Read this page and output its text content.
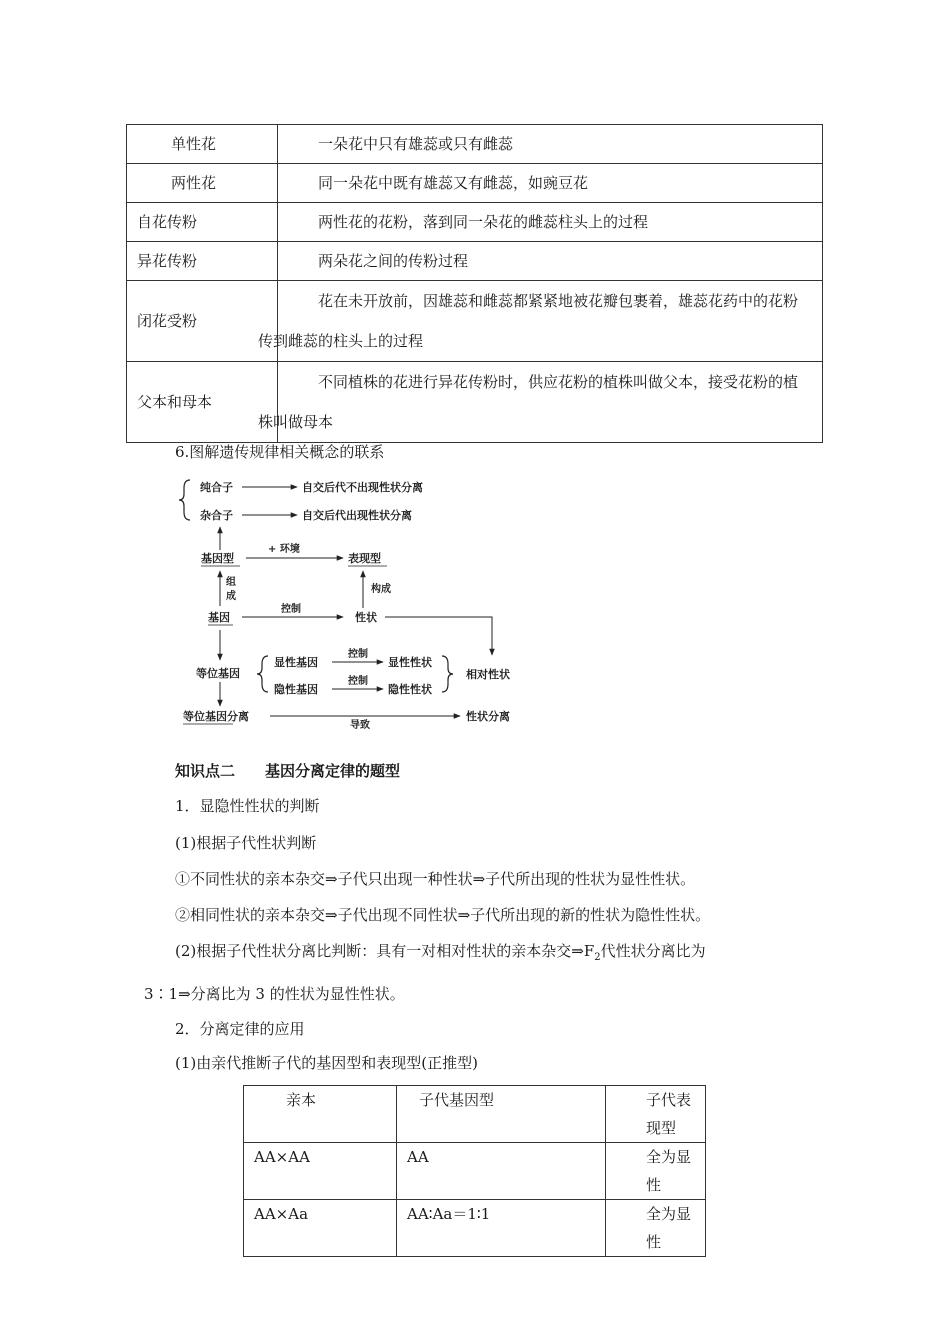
单性花	一朵花中只有雄蕊或只有雌蕊
两性花	同一朵花中既有雄蕊又有雌蕊，如豌豆花
自花传粉	两性花的花粉，落到同一朵花的雌蕊柱头上的过程
异花传粉	两朵花之间的传粉过程
闭花受粉	花在未开放前，因雄蕊和雌蕊都紧紧地被花瓣包裹着，雄蕊花药中的花粉
传到雌蕊的柱头上的过程
父本和母本	不同植株的花进行异花传粉时，供应花粉的植株叫做父本，接受花粉的植
株叫做母本
6.图解遗传规律相关概念的联系
纯合子	自交后代不出现性状分离
杂合子	自交后代出现性状分离
基因型
+ 环境
表现型
组
成
构成
基因
控制
性状
等位基因
显性基因
控制
显性性状
隐性基因
控制
隐性性状
相对性状
等位基因分离
导致
性状分离
知识点二　　基因分离定律的题型
1．显隐性性状的判断
(1)根据子代性状判断
①不同性状的亲本杂交⇒子代只出现一种性状⇒子代所出现的性状为显性性状。
②相同性状的亲本杂交⇒子代出现不同性状⇒子代所出现的新的性状为隐性性状。
(2)根据子代性状分离比判断：具有一对相对性状的亲本杂交$\Rightarrow F_2$代性状分离比为
3∶1⇒分离比为 3 的性状为显性性状。
2．分离定律的应用
(1)由亲代推断子代的基因型和表现型(正推型)
亲本	子代基因型	子代表现型
AA×AA	AA	全为显性
AA×Aa	AA∶Aa＝1∶1	全为显性
